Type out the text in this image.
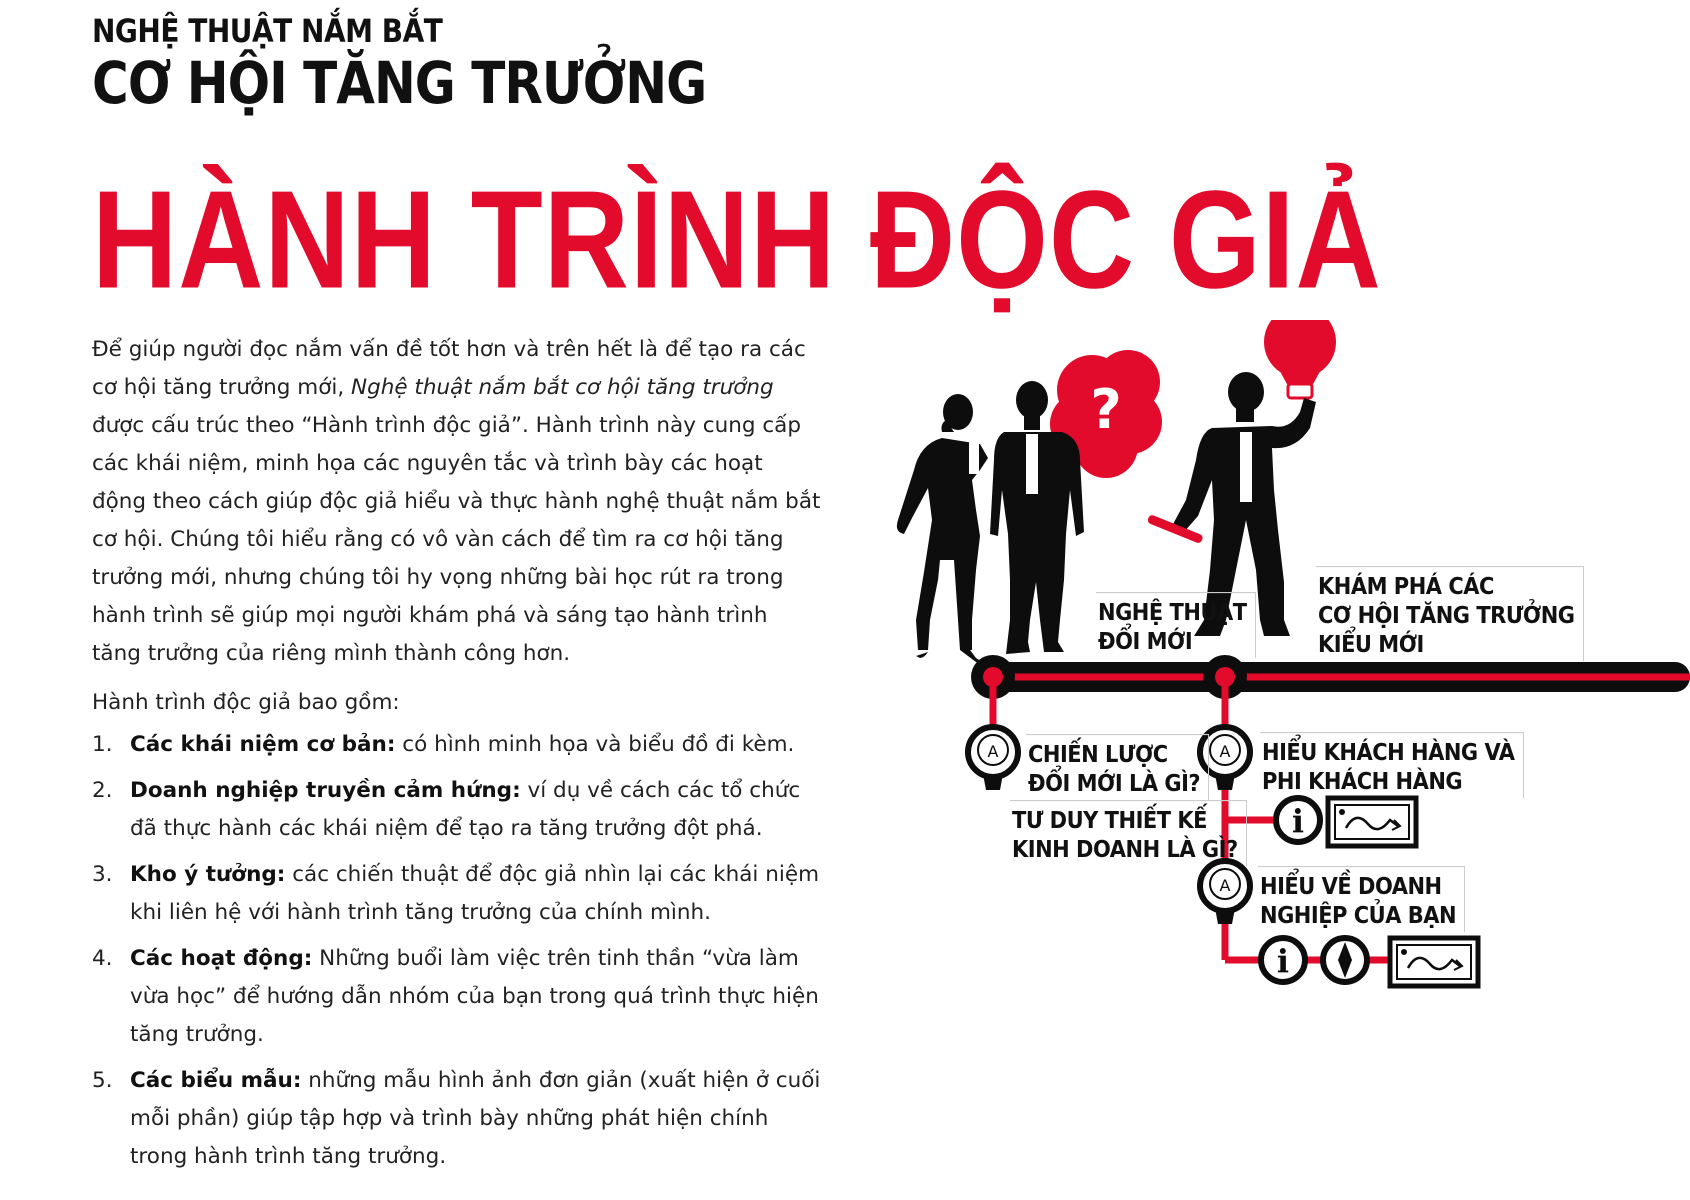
NGHỆ THUẬT NẮM BẮT
CƠ HỘI TĂNG TRƯỞNG
HÀNH TRÌNH ĐỘC GIẢ
Để giúp người đọc nắm vấn đề tốt hơn và trên hết là để tạo ra các cơ hội tăng trưởng mới, Nghệ thuật nắm bắt cơ hội tăng trưởng được cấu trúc theo “Hành trình độc giả”. Hành trình này cung cấp các khái niệm, minh họa các nguyên tắc và trình bày các hoạt động theo cách giúp độc giả hiểu và thực hành nghệ thuật nắm bắt cơ hội. Chúng tôi hiểu rằng có vô vàn cách để tìm ra cơ hội tăng trưởng mới, nhưng chúng tôi hy vọng những bài học rút ra trong hành trình sẽ giúp mọi người khám phá và sáng tạo hành trình tăng trưởng của riêng mình thành công hơn.
Hành trình độc giả bao gồm:
1. Các khái niệm cơ bản: có hình minh họa và biểu đồ đi kèm.
2. Doanh nghiệp truyền cảm hứng: ví dụ về cách các tổ chức đã thực hành các khái niệm để tạo ra tăng trưởng đột phá.
3. Kho ý tưởng: các chiến thuật để độc giả nhìn lại các khái niệm khi liên hệ với hành trình tăng trưởng của chính mình.
4. Các hoạt động: Những buổi làm việc trên tinh thần “vừa làm vừa học” để hướng dẫn nhóm của bạn trong quá trình thực hiện tăng trưởng.
5. Các biểu mẫu: những mẫu hình ảnh đơn giản (xuất hiện ở cuối mỗi phần) giúp tập hợp và trình bày những phát hiện chính trong hành trình tăng trưởng.
?
A	A
A
i
i
NGHỆ THUẬT
ĐỔI MỚI
KHÁM PHÁ CÁC
CƠ HỘI TĂNG TRƯỞNG
KIỂU MỚI
CHIẾN LƯỢC
ĐỔI MỚI LÀ GÌ?
TƯ DUY THIẾT KẾ
KINH DOANH LÀ GÌ?
HIỂU KHÁCH HÀNG VÀ
PHI KHÁCH HÀNG
HIỂU VỀ DOANH
NGHIỆP CỦA BẠN
